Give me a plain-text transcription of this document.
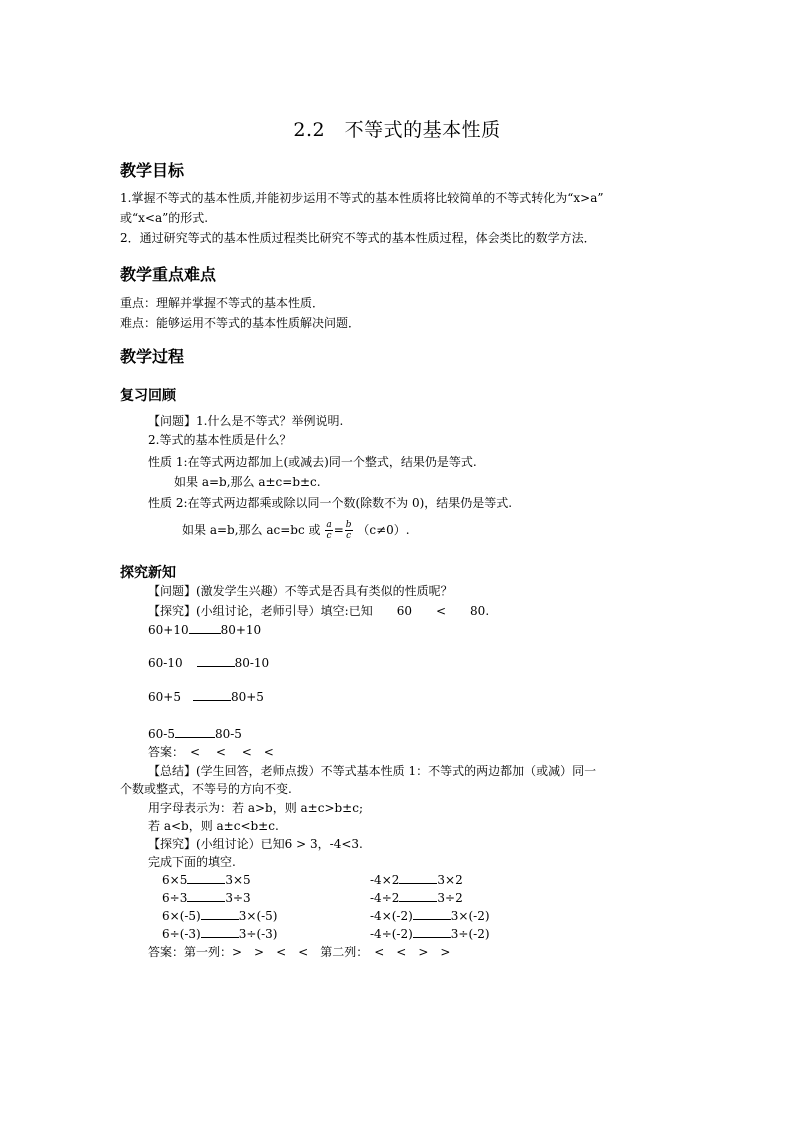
2.2　不等式的基本性质
教学目标
1.掌握不等式的基本性质,并能初步运用不等式的基本性质将比较简单的不等式转化为“x>a”
或“x<a”的形式.
2．通过研究等式的基本性质过程类比研究不等式的基本性质过程，体会类比的数学方法．
教学重点难点
重点：理解并掌握不等式的基本性质．
难点：能够运用不等式的基本性质解决问题．
教学过程
复习回顾
【问题】1.什么是不等式？举例说明.
2.等式的基本性质是什么？
性质 1:在等式两边都加上(或减去)同一个整式，结果仍是等式.
如果 a=b,那么 a±c=b±c.
性质 2:在等式两边都乘或除以同一个数(除数不为 0)，结果仍是等式.
如果 a=b,那么 ac=bc 或 $\frac{a}{c} = \frac{b}{c} (c\ne 0)$.
探究新知
【问题】(激发学生兴趣）不等式是否具有类似的性质呢？
【探究】(小组讨论，老师引导）填空:已知　　60　　<　　80.
60+10	80+10
60-10	80-10
60+5	80+5
60-5	80-5
答案：　<　 <　 <　<
【总结】(学生回答，老师点拨）不等式基本性质 1：不等式的两边都加（或减）同一
个数或整式，不等号的方向不变.
用字母表示为：若 a>b，则 a±c>b±c;
若 a<b，则 a±c<b±c.
【探究】(小组讨论）已知6 > 3，-4<3.
完成下面的填空.
6×5	3×5
6÷3	3÷3
6×(-5)	3×(-5)
6÷(-3)	3÷(-3)
-4×2	3×2
-4÷2	3÷2
-4×(-2)	3×(-2)
-4÷(-2)	3÷(-2)
答案：第一列：>　>　<　<　第二列：　<　<　>　>
